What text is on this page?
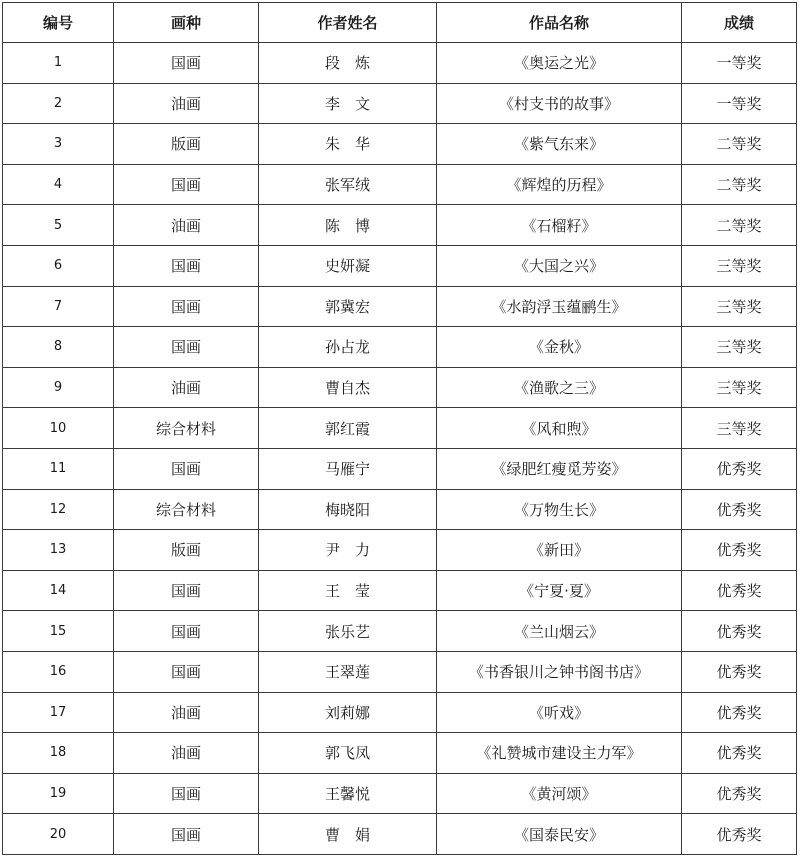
编号	画种	作者姓名	作品名称	成绩
1	国画	段　炼	《奥运之光》	一等奖
2	油画	李　文	《村支书的故事》	一等奖
3	版画	朱　华	《紫气东来》	二等奖
4	国画	张军绒	《辉煌的历程》	二等奖
5	油画	陈　博	《石榴籽》	二等奖
6	国画	史妍凝	《大国之兴》	三等奖
7	国画	郭冀宏	《水韵浮玉蕴鹂生》	三等奖
8	国画	孙占龙	《金秋》	三等奖
9	油画	曹自杰	《渔歌之三》	三等奖
10	综合材料	郭红霞	《风和煦》	三等奖
11	国画	马雁宁	《绿肥红瘦觅芳姿》	优秀奖
12	综合材料	梅晓阳	《万物生长》	优秀奖
13	版画	尹　力	《新田》	优秀奖
14	国画	王　莹	《宁夏·夏》	优秀奖
15	国画	张乐艺	《兰山烟云》	优秀奖
16	国画	王翠莲	《书香银川之钟书阁书店》	优秀奖
17	油画	刘莉娜	《听戏》	优秀奖
18	油画	郭飞凤	《礼赞城市建设主力军》	优秀奖
19	国画	王馨悦	《黄河颂》	优秀奖
20	国画	曹　娟	《国泰民安》	优秀奖
